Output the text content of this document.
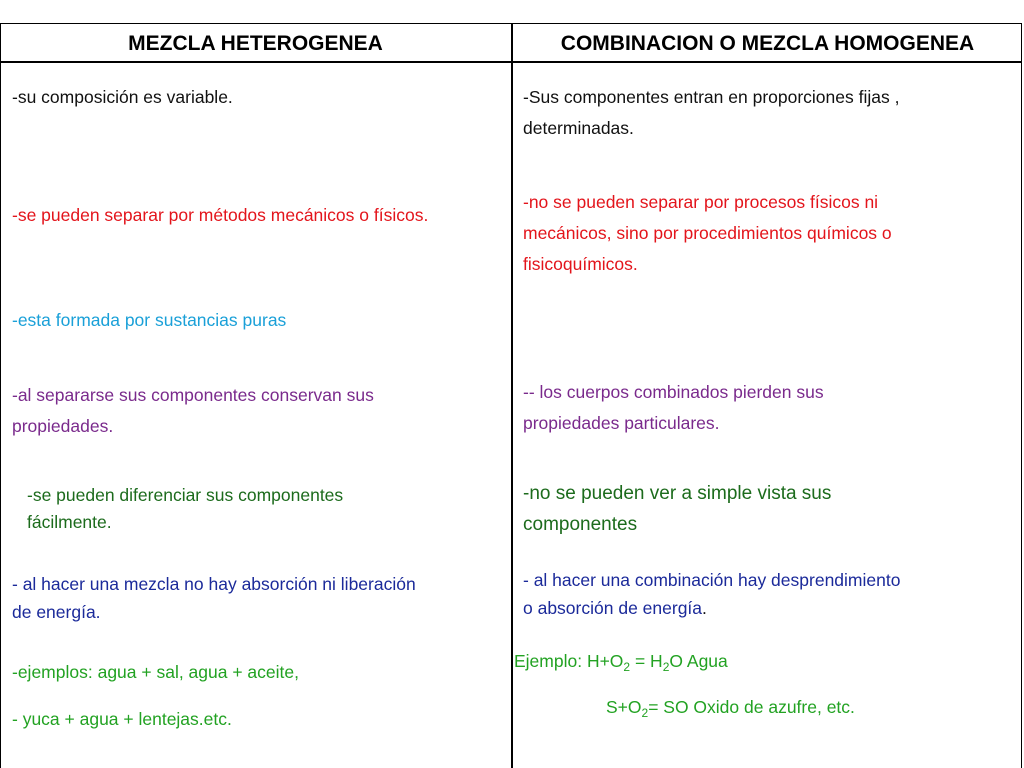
MEZCLA HETEROGENEA	COMBINACION O MEZCLA HOMOGENEA
-su composición es variable.
-se pueden separar por métodos mecánicos o físicos.
-esta formada por sustancias puras

-al separarse sus componentes conservan sus

propiedades.

-se pueden diferenciar sus componentes

fácilmente.

- al hacer una mezcla no hay absorción ni liberación

de energía.

-ejemplos: agua + sal, agua + aceite,
- yuca + agua + lentejas.etc.

-Sus componentes entran en proporciones fijas ,

determinadas.

-no se pueden separar por procesos físicos ni

mecánicos, sino por procedimientos químicos o

fisicoquímicos.

-- los cuerpos combinados pierden sus

propiedades particulares.

-no se pueden ver a simple vista sus

componentes

- al hacer una combinación hay desprendimiento

o absorción de energía.

Ejemplo: $H+O_2 = H_2O$ Agua
$S+O_2=$ SO Oxido de azufre, etc.
